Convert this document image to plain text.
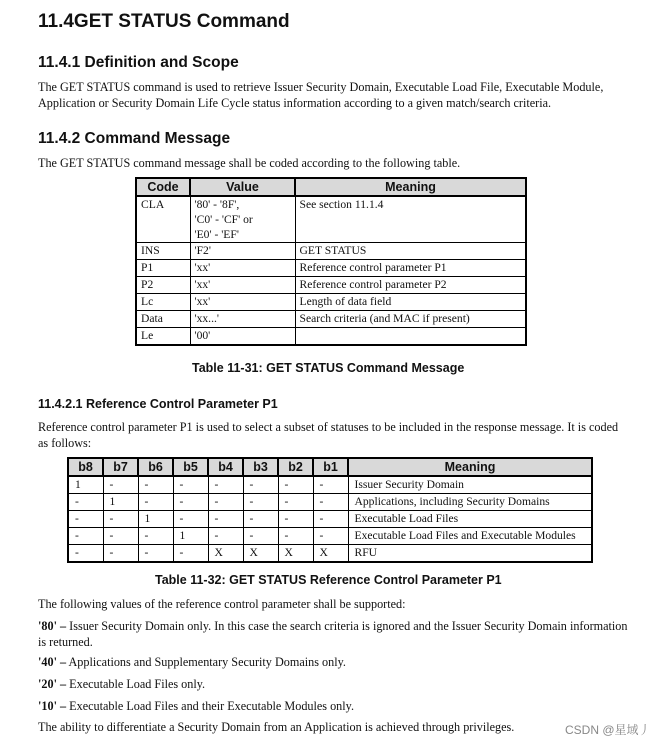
11.4GET STATUS Command
11.4.1 Definition and Scope
The GET STATUS command is used to retrieve Issuer Security Domain, Executable Load File, Executable Module, Application or Security Domain Life Cycle status information according to a given match/search criteria.
11.4.2 Command Message
The GET STATUS command message shall be coded according to the following table.
Code	Value	Meaning
CLA	'80' - '8F',
'C0' - 'CF' or
'E0' - 'EF'	See section 11.1.4
INS	'F2'	GET STATUS
P1	'xx'	Reference control parameter P1
P2	'xx'	Reference control parameter P2
Lc	'xx'	Length of data field
Data	'xx...'	Search criteria (and MAC if present)
Le	'00'	
Table 11-31: GET STATUS Command Message
11.4.2.1 Reference Control Parameter P1
Reference control parameter P1 is used to select a subset of statuses to be included in the response message. It is coded as follows:
b8	b7	b6	b5	b4	b3	b2	b1	Meaning
1	-	-	-	-	-	-	-	Issuer Security Domain
-	1	-	-	-	-	-	-	Applications, including Security Domains
-	-	1	-	-	-	-	-	Executable Load Files
-	-	-	1	-	-	-	-	Executable Load Files and Executable Modules
-	-	-	-	X	X	X	X	RFU
Table 11-32: GET STATUS Reference Control Parameter P1
The following values of the reference control parameter shall be supported:
'80' – Issuer Security Domain only. In this case the search criteria is ignored and the Issuer Security Domain information is returned.
'40' – Applications and Supplementary Security Domains only.
'20' – Executable Load Files only.
'10' – Executable Load Files and their Executable Modules only.
The ability to differentiate a Security Domain from an Application is achieved through privileges.	CSDN @星域丿
